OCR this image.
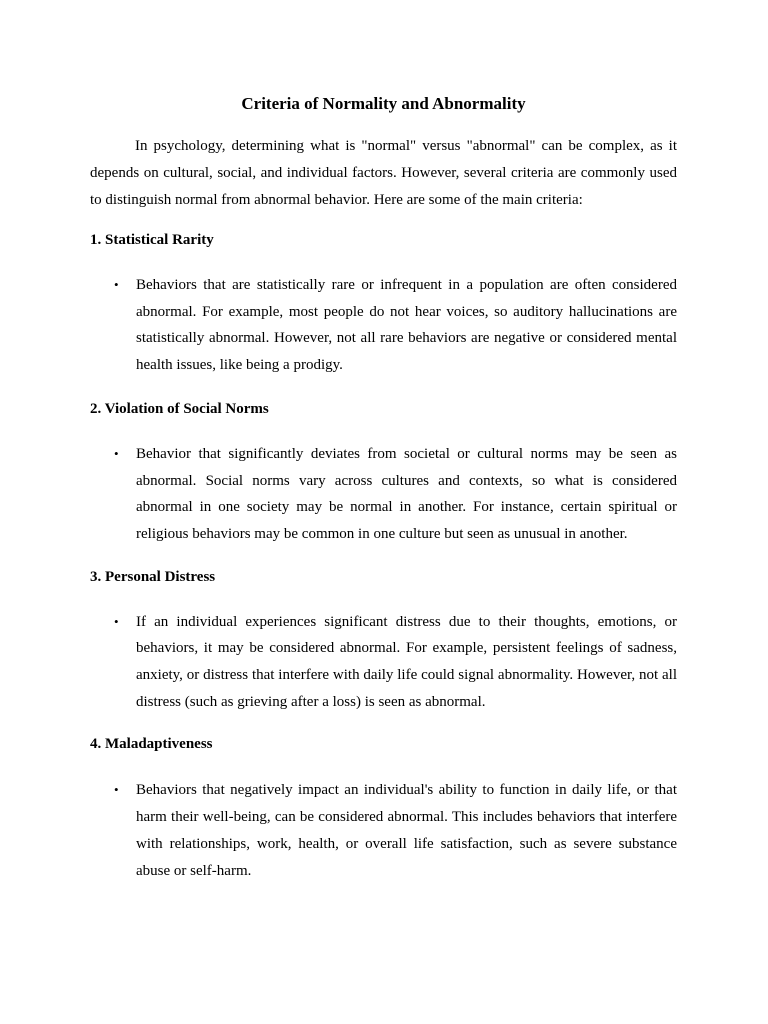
Criteria of Normality and Abnormality

In psychology, determining what is "normal" versus "abnormal" can be complex, as it depends on cultural, social, and individual factors. However, several criteria are commonly used to distinguish normal from abnormal behavior. Here are some of the main criteria:

1. Statistical Rarity
• Behaviors that are statistically rare or infrequent in a population are often considered abnormal. For example, most people do not hear voices, so auditory hallucinations are statistically abnormal. However, not all rare behaviors are negative or considered mental health issues, like being a prodigy.
2. Violation of Social Norms
• Behavior that significantly deviates from societal or cultural norms may be seen as abnormal. Social norms vary across cultures and contexts, so what is considered abnormal in one society may be normal in another. For instance, certain spiritual or religious behaviors may be common in one culture but seen as unusual in another.
3. Personal Distress
• If an individual experiences significant distress due to their thoughts, emotions, or behaviors, it may be considered abnormal. For example, persistent feelings of sadness, anxiety, or distress that interfere with daily life could signal abnormality. However, not all distress (such as grieving after a loss) is seen as abnormal.
4. Maladaptiveness
• Behaviors that negatively impact an individual's ability to function in daily life, or that harm their well-being, can be considered abnormal. This includes behaviors that interfere with relationships, work, health, or overall life satisfaction, such as severe substance abuse or self-harm.
